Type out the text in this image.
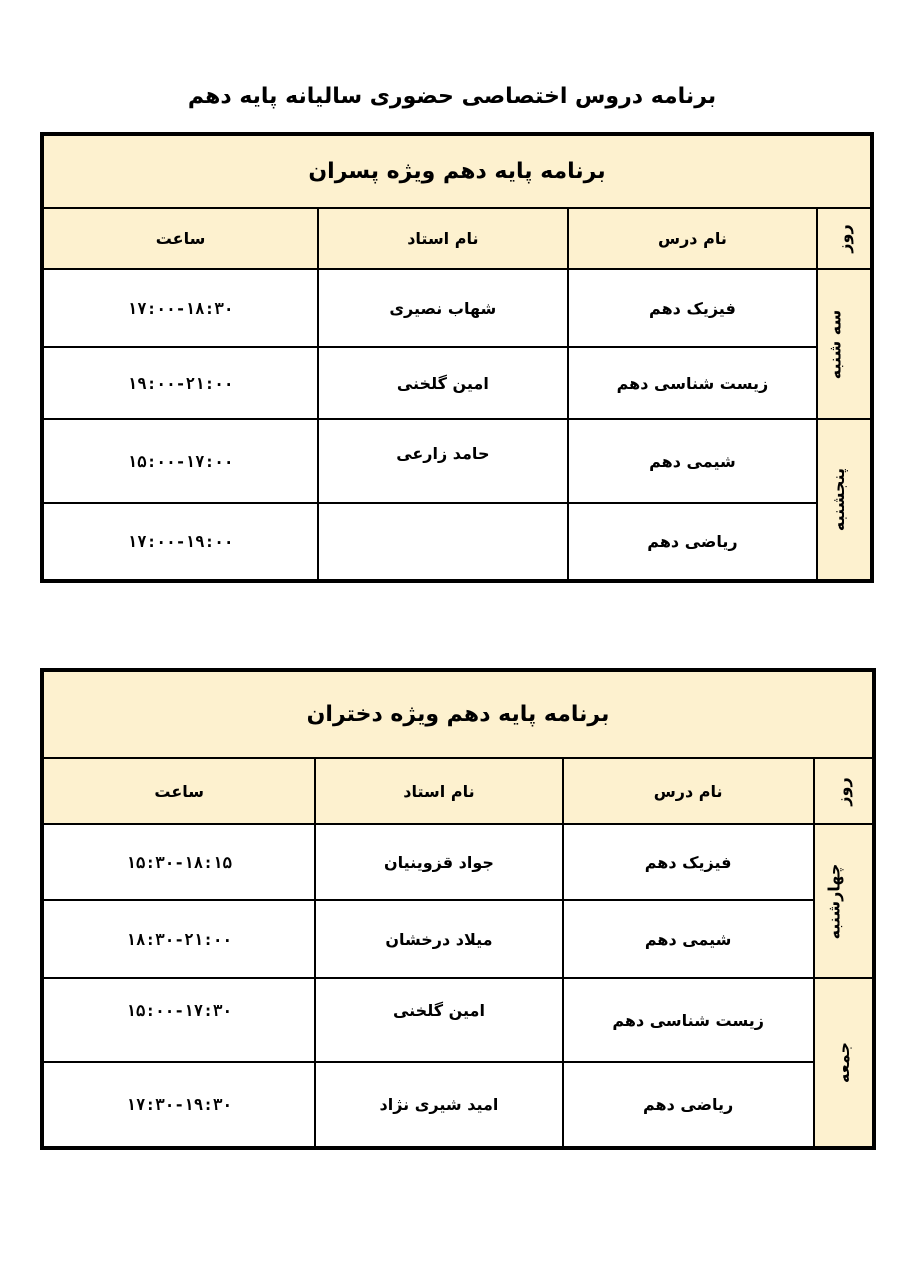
برنامه دروس اختصاصی حضوری سالیانه پایه دهم
برنامه پایه دهم ویژه پسران			
روز	نام درس	نام استاد	ساعت
سه شنبه	فیزیک دهم	شهاب نصیری	۱۷:۰۰-۱۸:۳۰
	زیست شناسی دهم	امین گلخنی	۱۹:۰۰-۲۱:۰۰
پنجشنبه	شیمی دهم	حامد زارعی	۱۵:۰۰-۱۷:۰۰
	ریاضی دهم		۱۷:۰۰-۱۹:۰۰
برنامه پایه دهم ویژه دختران			
روز	نام درس	نام استاد	ساعت
چهارشنبه	فیزیک دهم	جواد قزوینیان	۱۵:۳۰-۱۸:۱۵
	شیمی دهم	میلاد درخشان	۱۸:۳۰-۲۱:۰۰
جمعه	زیست شناسی دهم	امین گلخنی	۱۵:۰۰-۱۷:۳۰
	ریاضی دهم	امید شیری نژاد	۱۷:۳۰-۱۹:۳۰
